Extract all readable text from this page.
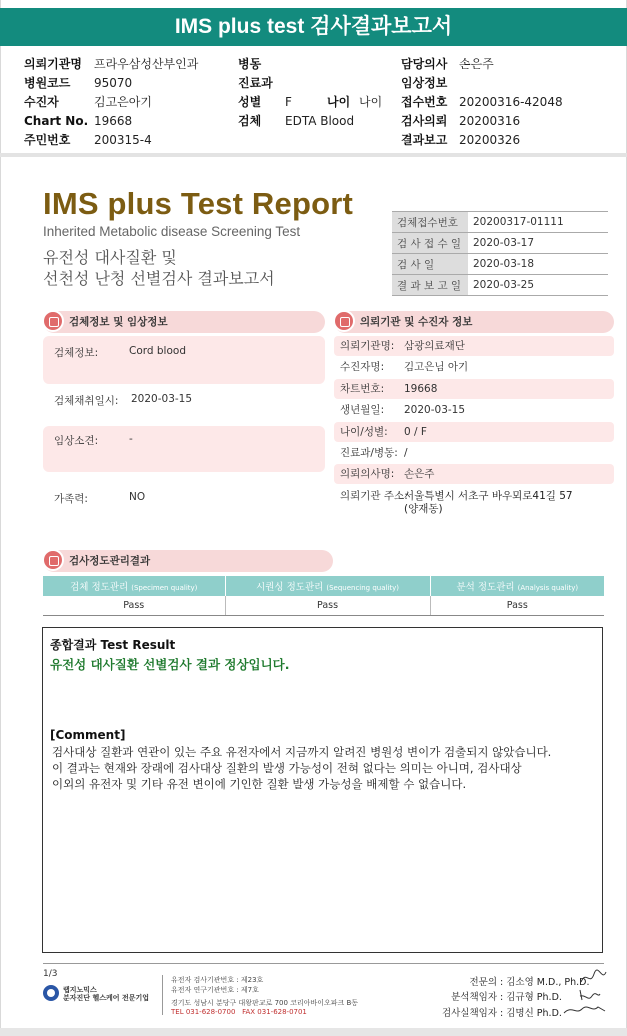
IMS plus test 검사결과보고서
의뢰기관명	프라우삼성산부인과
병원코드	95070
수진자	김고은아기
Chart No. 19668
주민번호	200315-4
병동
진료과
성별	F	나이 나이
검체	EDTA Blood
담당의사 손은주
임상정보
접수번호 20200316-42048
검사의뢰 20200316
결과보고 20200326
IMS plus Test Report
Inherited Metabolic disease Screening Test
유전성 대사질환 및
선천성 난청 선별검사 결과보고서
검체접수번호	20200317-01111
검 사 접 수 일	2020-03-17
검 사 일	2020-03-18
결 과 보 고 일	2020-03-25
검체정보 및 임상정보
검체정보:	Cord blood
검체채취일시: 2020-03-15
임상소견:	-
가족력:	NO
의뢰기관 및 수진자 정보
의뢰기관명: 삼광의료재단
수진자명: 김고은님 아기
차트번호: 19668
생년월일: 2020-03-15
나이/성별: 0 / F
진료과/병동: /
의뢰의사명: 손은주
의뢰기관 주소:
서울특별시 서초구 바우뫼로41길 57
(양재동)
검사정도관리결과
검체 정도관리 (Specimen quality)	시퀀싱 정도관리 (Sequencing quality)	분석 정도관리 (Analysis quality)
Pass	Pass	Pass
종합결과 Test Result
유전성 대사질환 선별검사 결과 정상입니다.
[Comment]
검사대상 질환과 연관이 있는 주요 유전자에서 지금까지 알려진 병원성 변이가 검출되지 않았습니다.
이 결과는 현재와 장래에 검사대상 질환의 발생 가능성이 전혀 없다는 의미는 아니며, 검사대상
이외의 유전자 및 기타 유전 변이에 기인한 질환 발생 가능성을 배제할 수 없습니다.
1/3
랩지노믹스
분자진단 헬스케어 전문기업
유전자 검사기관번호 : 제23호
유전자 연구기관번호 : 제7호
경기도 성남시 분당구 대왕판교로 700 코리아바이오파크 B동
TEL 031-628-0700 FAX 031-628-0701
전문의 : 김소영 M.D., Ph.D.
분석책임자 : 김규형 Ph.D.
검사실책임자 : 김명신 Ph.D.
